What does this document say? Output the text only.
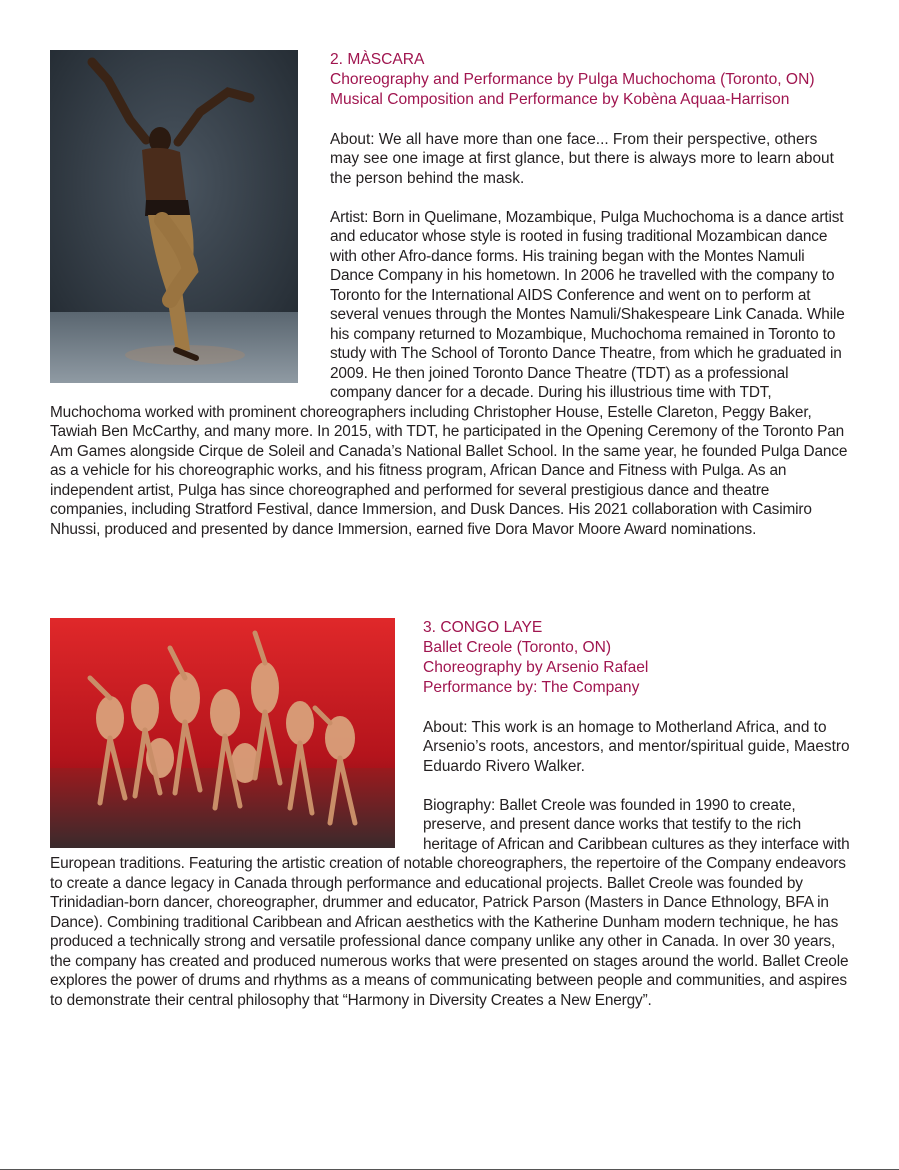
2. MÀSCARA
Choreography and Performance by Pulga Muchochoma (Toronto, ON)
Musical Composition and Performance by Kobèna Aquaa-Harrison
About: We all have more than one face... From their perspective, others may see one image at first glance, but there is always more to learn about the person behind the mask.
Artist: Born in Quelimane, Mozambique, Pulga Muchochoma is a dance artist and educator whose style is rooted in fusing traditional Mozambican dance with other Afro-dance forms. His training began with the Montes Namuli Dance Company in his hometown. In 2006 he travelled with the company to Toronto for the International AIDS Conference and went on to perform at several venues through the Montes Namuli/Shakespeare Link Canada. While his company returned to Mozambique, Muchochoma remained in Toronto to study with The School of Toronto Dance Theatre, from which he graduated in 2009. He then joined Toronto Dance Theatre (TDT) as a professional company dancer for a decade. During his illustrious time with TDT, Muchochoma worked with prominent choreographers including Christopher House, Estelle Clareton, Peggy Baker, Tawiah Ben McCarthy, and many more. In 2015, with TDT, he participated in the Opening Ceremony of the Toronto Pan Am Games alongside Cirque de Soleil and Canada’s National Ballet School. In the same year, he founded Pulga Dance as a vehicle for his choreographic works, and his fitness program, African Dance and Fitness with Pulga. As an independent artist, Pulga has since choreographed and performed for several prestigious dance and theatre companies, including Stratford Festival, dance Immersion, and Dusk Dances. His 2021 collaboration with Casimiro Nhussi, produced and presented by dance Immersion, earned five Dora Mavor Moore Award nominations.
3. CONGO LAYE
Ballet Creole (Toronto, ON)
Choreography by Arsenio Rafael
Performance by: The Company
About: This work is an homage to Motherland Africa, and to Arsenio’s roots, ancestors, and mentor/spiritual guide, Maestro Eduardo Rivero Walker.
Biography: Ballet Creole was founded in 1990 to create, preserve, and present dance works that testify to the rich heritage of African and Caribbean cultures as they interface with European traditions. Featuring the artistic creation of notable choreographers, the repertoire of the Company endeavors to create a dance legacy in Canada through performance and educational projects. Ballet Creole was founded by Trinidadian-born dancer, choreographer, drummer and educator, Patrick Parson (Masters in Dance Ethnology, BFA in Dance). Combining traditional Caribbean and African aesthetics with the Katherine Dunham modern technique, he has produced a technically strong and versatile professional dance company unlike any other in Canada. In over 30 years, the company has created and produced numerous works that were presented on stages around the world. Ballet Creole explores the power of drums and rhythms as a means of communicating between people and communities, and aspires to demonstrate their central philosophy that “Harmony in Diversity Creates a New Energy”.
